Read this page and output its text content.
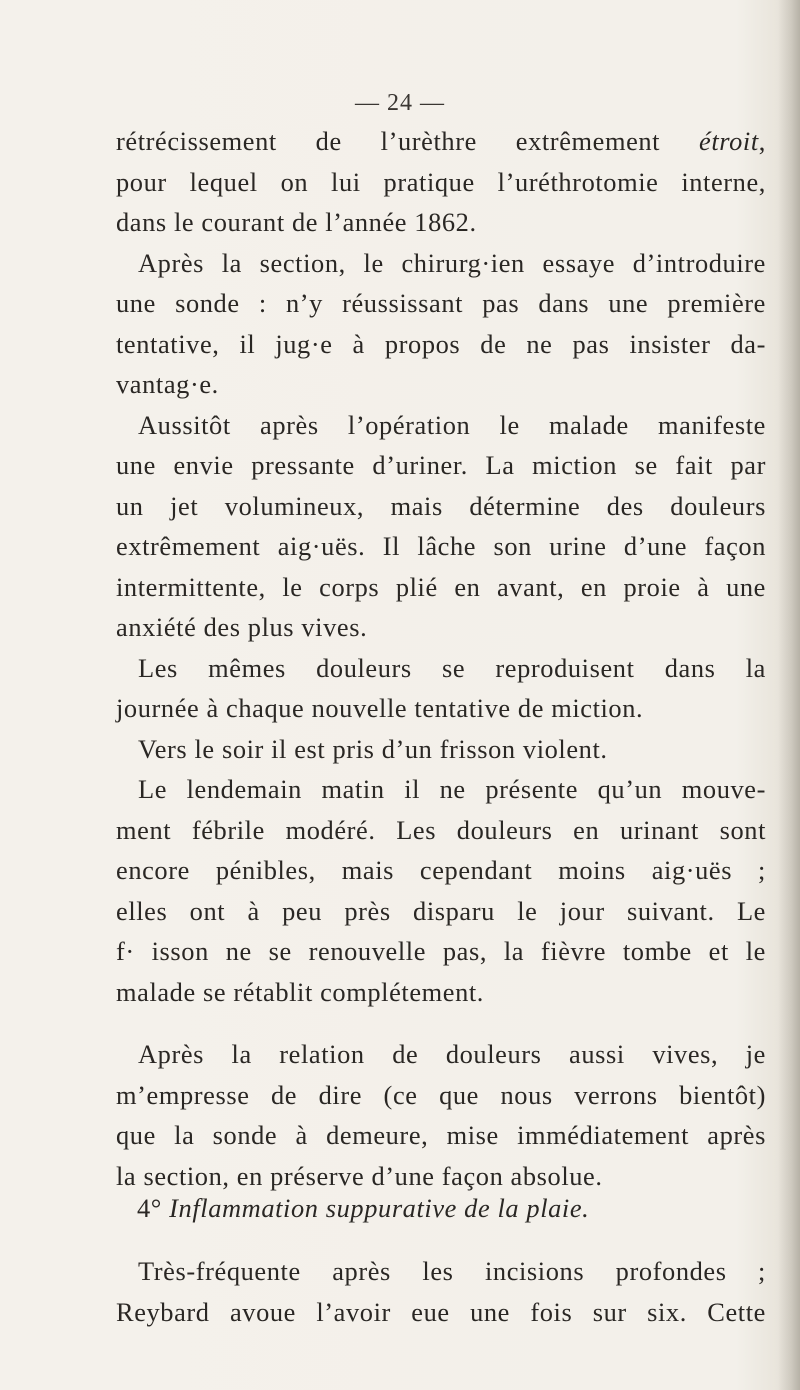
— 24 —
rétrécissement de l’urèthre extrêmement étroit,
pour lequel on lui pratique l’uréthrotomie interne,
dans le courant de l’année 1862.
Après la section, le chirurg·ien essaye d’introduire
une sonde : n’y réussissant pas dans une première
tentative, il jug·e à propos de ne pas insister da-
vantag·e.
Aussitôt après l’opération le malade manifeste
une envie pressante d’uriner. La miction se fait par
un jet volumineux, mais détermine des douleurs
extrêmement aig·uës. Il lâche son urine d’une façon
intermittente, le corps plié en avant, en proie à une
anxiété des plus vives.
Les mêmes douleurs se reproduisent dans la
journée à chaque nouvelle tentative de miction.
Vers le soir il est pris d’un frisson violent.
Le lendemain matin il ne présente qu’un mouve-
ment fébrile modéré. Les douleurs en urinant sont
encore pénibles, mais cependant moins aig·uës ;
elles ont à peu près disparu le jour suivant. Le
f· isson ne se renouvelle pas, la fièvre tombe et le
malade se rétablit complétement.
Après la relation de douleurs aussi vives, je
m’empresse de dire (ce que nous verrons bientôt)
que la sonde à demeure, mise immédiatement après
la section, en préserve d’une façon absolue.
4° Inflammation suppurative de la plaie.
Très-fréquente après les incisions profondes ;
Reybard avoue l’avoir eue une fois sur six. Cette
